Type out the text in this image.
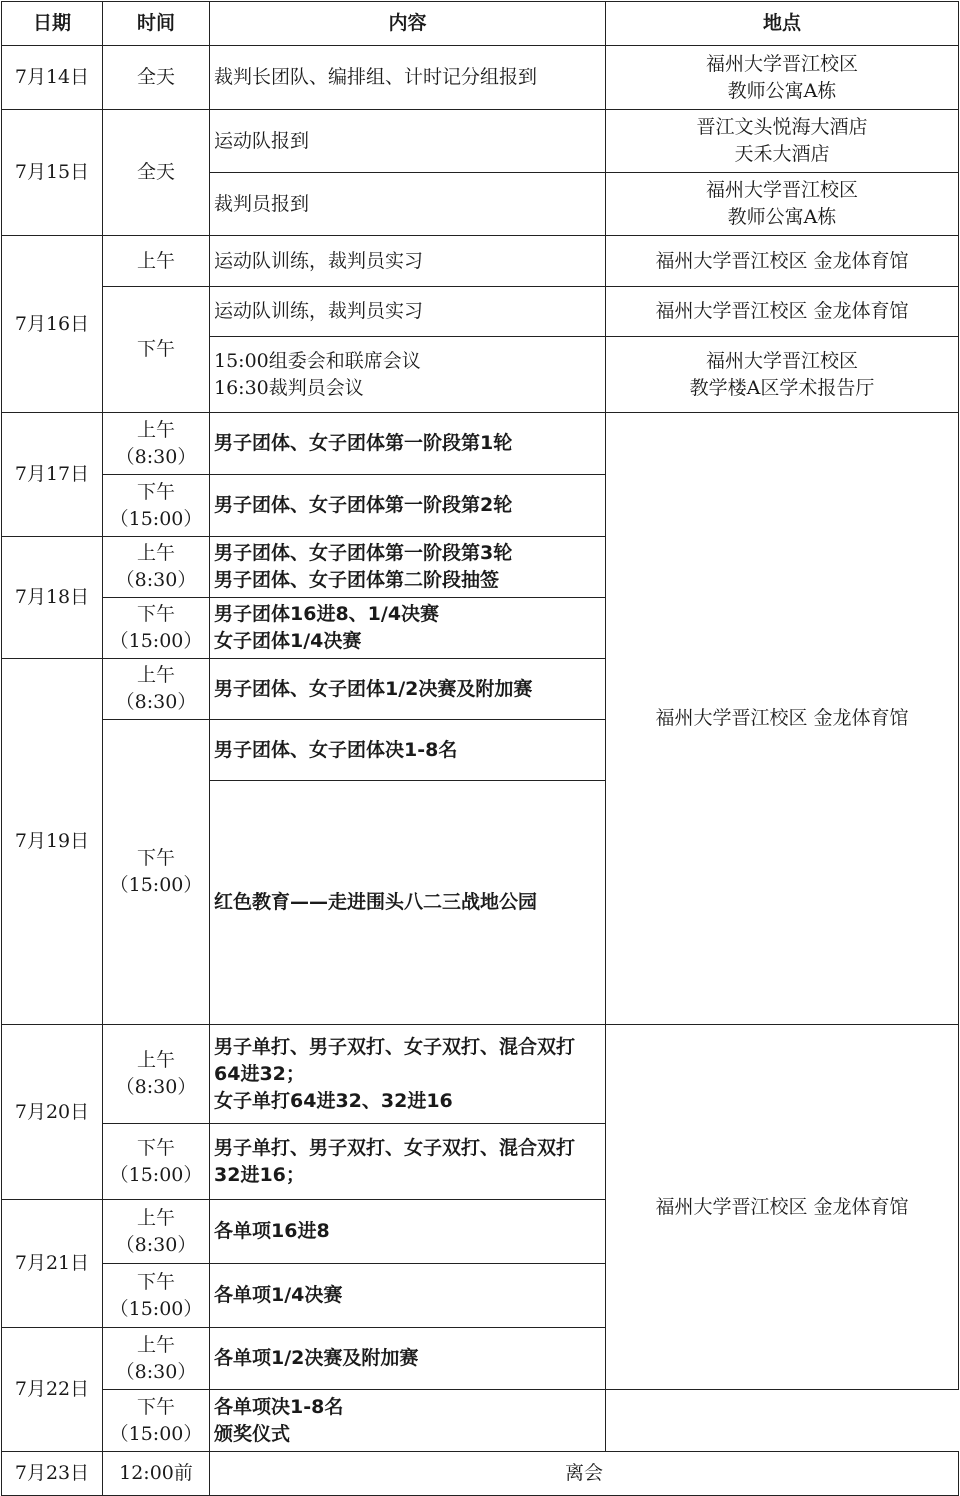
日期	时间	内容	地点	
7月14日	全天	裁判长团队、编排组、计时记分组报到	福州大学晋江校区
教师公寓A栋	

7月15日	全天	运动队报到	晋江文头悦海大酒店
天禾大酒店	

		裁判员报到	福州大学晋江校区
教师公寓A栋	

7月16日	上午	运动队训练，裁判员实习	福州大学晋江校区 金龙体育馆	
	下午	运动队训练，裁判员实习	福州大学晋江校区 金龙体育馆	

		15:00组委会和联席会议
16:30裁判员会议	福州大学晋江校区
教学楼A区学术报告厅	

7月17日	上午
（8:30）	男子团体、女子团体第一阶段第1轮	福州大学晋江校区 金龙体育馆	

	下午
（15:00）	男子团体、女子团体第一阶段第2轮		
7月18日	上午
（8:30）	男子团体、女子团体第一阶段第3轮
男子团体、女子团体第二阶段抽签		

	下午
（15:00）	男子团体16进8、1/4决赛
女子团体1/4决赛		

7月19日	上午
（8:30）	男子团体、女子团体1/2决赛及附加赛		

	下午
（15:00）	男子团体、女子团体决1-8名		
		红色教育——走进围头八二三战地公园	
7月20日	上午
（8:30）	男子单打、男子双打、女子双打、混合双打64进32；
女子单打64进32、32进16	福州大学晋江校区 金龙体育馆	

	下午
（15:00）	男子单打、男子双打、女子双打、混合双打32进16；		

7月21日	上午
（8:30）	各单项16进8		

	下午
（15:00）	各单项1/4决赛		
7月22日	上午
（8:30）	各单项1/2决赛及附加赛		

	下午
（15:00）	各单项决1-8名
颁奖仪式		

7月23日	12:00前	离会		
